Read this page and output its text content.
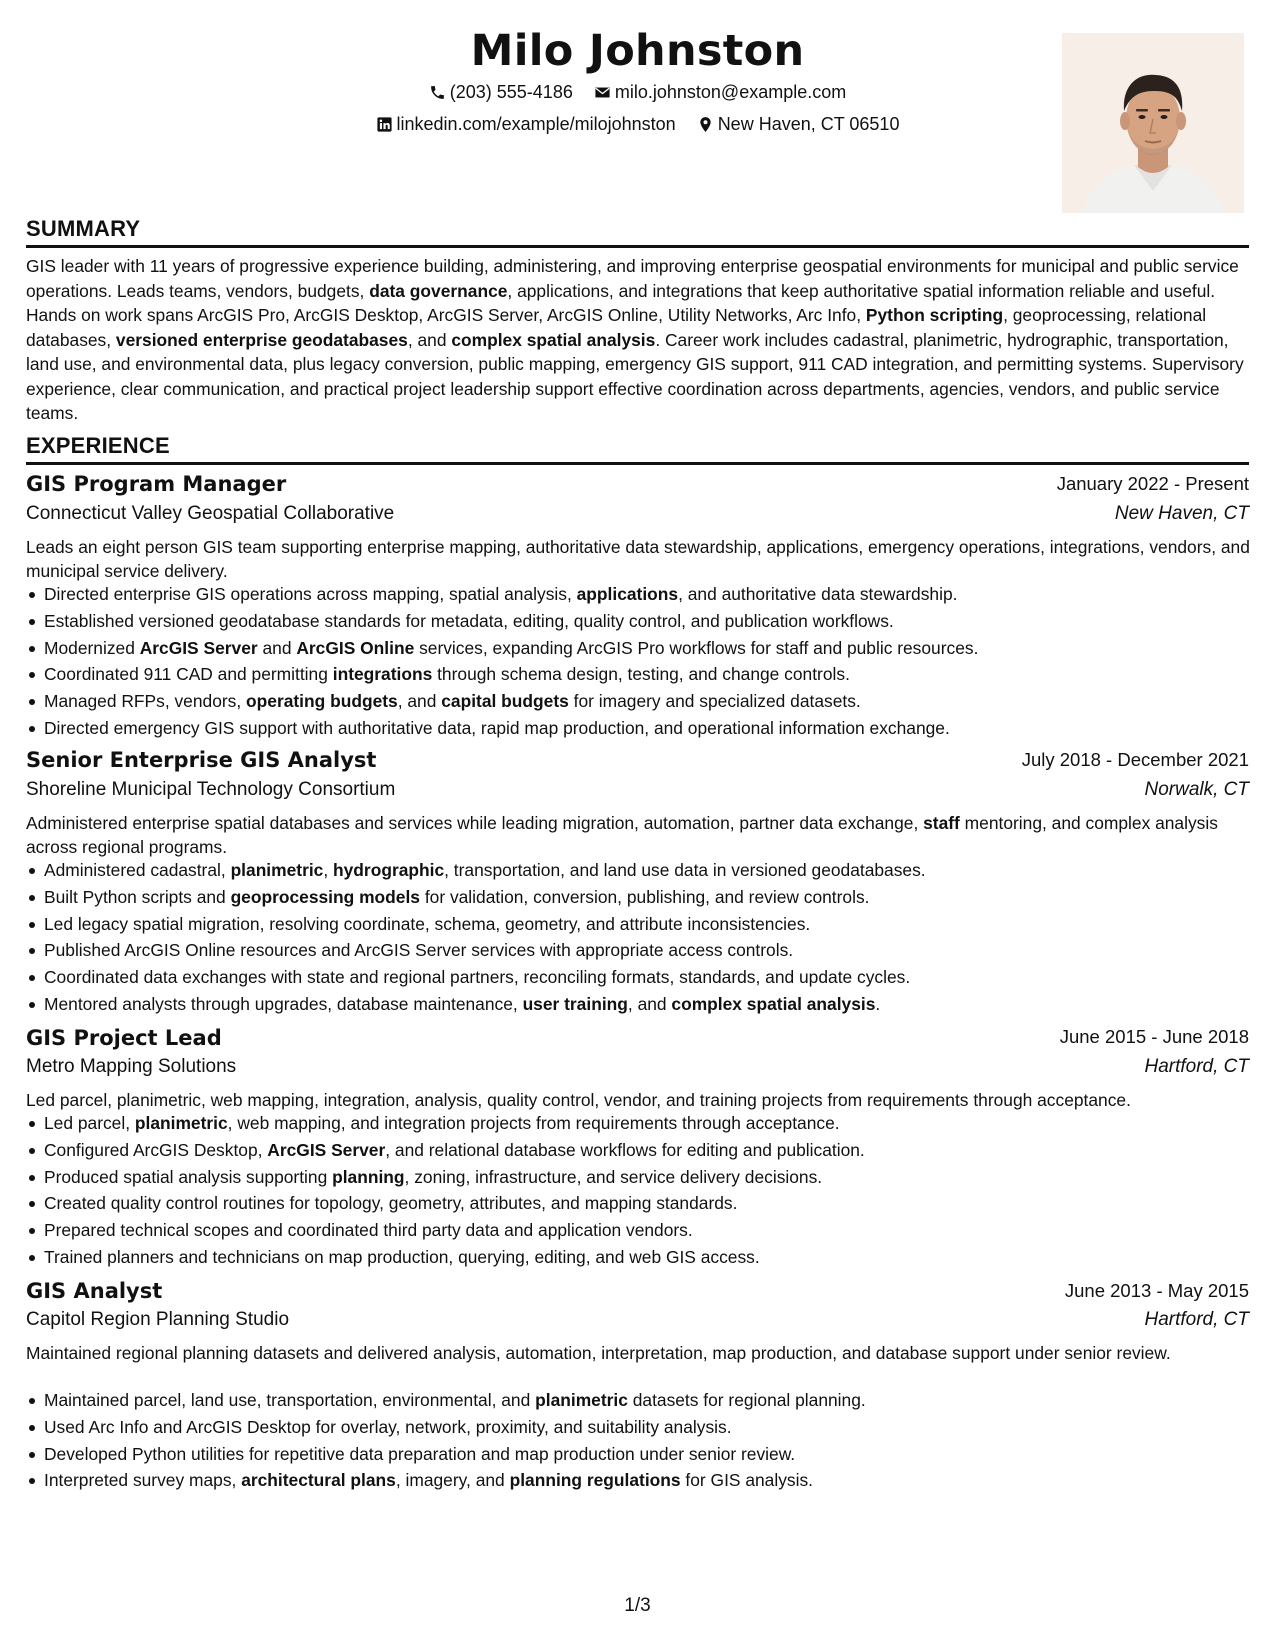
Milo Johnston
(203) 555-4186
milo.johnston@example.com
linkedin.com/example/milojohnston
New Haven, CT 06510
SUMMARY

GIS leader with 11 years of progressive experience building, administering, and improving enterprise geospatial environments for municipal and public service operations. Leads teams, vendors, budgets, data governance, applications, and integrations that keep authoritative spatial information reliable and useful. Hands on work spans ArcGIS Pro, ArcGIS Desktop, ArcGIS Server, ArcGIS Online, Utility Networks, Arc Info, Python scripting, geoprocessing, relational databases, versioned enterprise geodatabases, and complex spatial analysis. Career work includes cadastral, planimetric, hydrographic, transportation, land use, and environmental data, plus legacy conversion, public mapping, emergency GIS support, 911 CAD integration, and permitting systems. Supervisory experience, clear communication, and practical project leadership support effective coordination across departments, agencies, vendors, and public service teams.

EXPERIENCE
GIS Program Manager	January 2022 - Present
Connecticut Valley Geospatial Collaborative	New Haven, CT

Leads an eight person GIS team supporting enterprise mapping, authoritative data stewardship, applications, emergency operations, integrations, vendors, and municipal service delivery.

Directed enterprise GIS operations across mapping, spatial analysis, applications, and authoritative data stewardship.
Established versioned geodatabase standards for metadata, editing, quality control, and publication workflows.
Modernized ArcGIS Server and ArcGIS Online services, expanding ArcGIS Pro workflows for staff and public resources.
Coordinated 911 CAD and permitting integrations through schema design, testing, and change controls.
Managed RFPs, vendors, operating budgets, and capital budgets for imagery and specialized datasets.
Directed emergency GIS support with authoritative data, rapid map production, and operational information exchange.
Senior Enterprise GIS Analyst	July 2018 - December 2021
Shoreline Municipal Technology Consortium	Norwalk, CT

Administered enterprise spatial databases and services while leading migration, automation, partner data exchange, staff mentoring, and complex analysis across regional programs.

Administered cadastral, planimetric, hydrographic, transportation, and land use data in versioned geodatabases.
Built Python scripts and geoprocessing models for validation, conversion, publishing, and review controls.
Led legacy spatial migration, resolving coordinate, schema, geometry, and attribute inconsistencies.
Published ArcGIS Online resources and ArcGIS Server services with appropriate access controls.
Coordinated data exchanges with state and regional partners, reconciling formats, standards, and update cycles.
Mentored analysts through upgrades, database maintenance, user training, and complex spatial analysis.
GIS Project Lead	June 2015 - June 2018
Metro Mapping Solutions	Hartford, CT

Led parcel, planimetric, web mapping, integration, analysis, quality control, vendor, and training projects from requirements through acceptance.

Led parcel, planimetric, web mapping, and integration projects from requirements through acceptance.
Configured ArcGIS Desktop, ArcGIS Server, and relational database workflows for editing and publication.
Produced spatial analysis supporting planning, zoning, infrastructure, and service delivery decisions.
Created quality control routines for topology, geometry, attributes, and mapping standards.
Prepared technical scopes and coordinated third party data and application vendors.
Trained planners and technicians on map production, querying, editing, and web GIS access.
GIS Analyst	June 2013 - May 2015
Capitol Region Planning Studio	Hartford, CT

Maintained regional planning datasets and delivered analysis, automation, interpretation, map production, and database support under senior review.

Maintained parcel, land use, transportation, environmental, and planimetric datasets for regional planning.
Used Arc Info and ArcGIS Desktop for overlay, network, proximity, and suitability analysis.
Developed Python utilities for repetitive data preparation and map production under senior review.
Interpreted survey maps, architectural plans, imagery, and planning regulations for GIS analysis.
1/3
